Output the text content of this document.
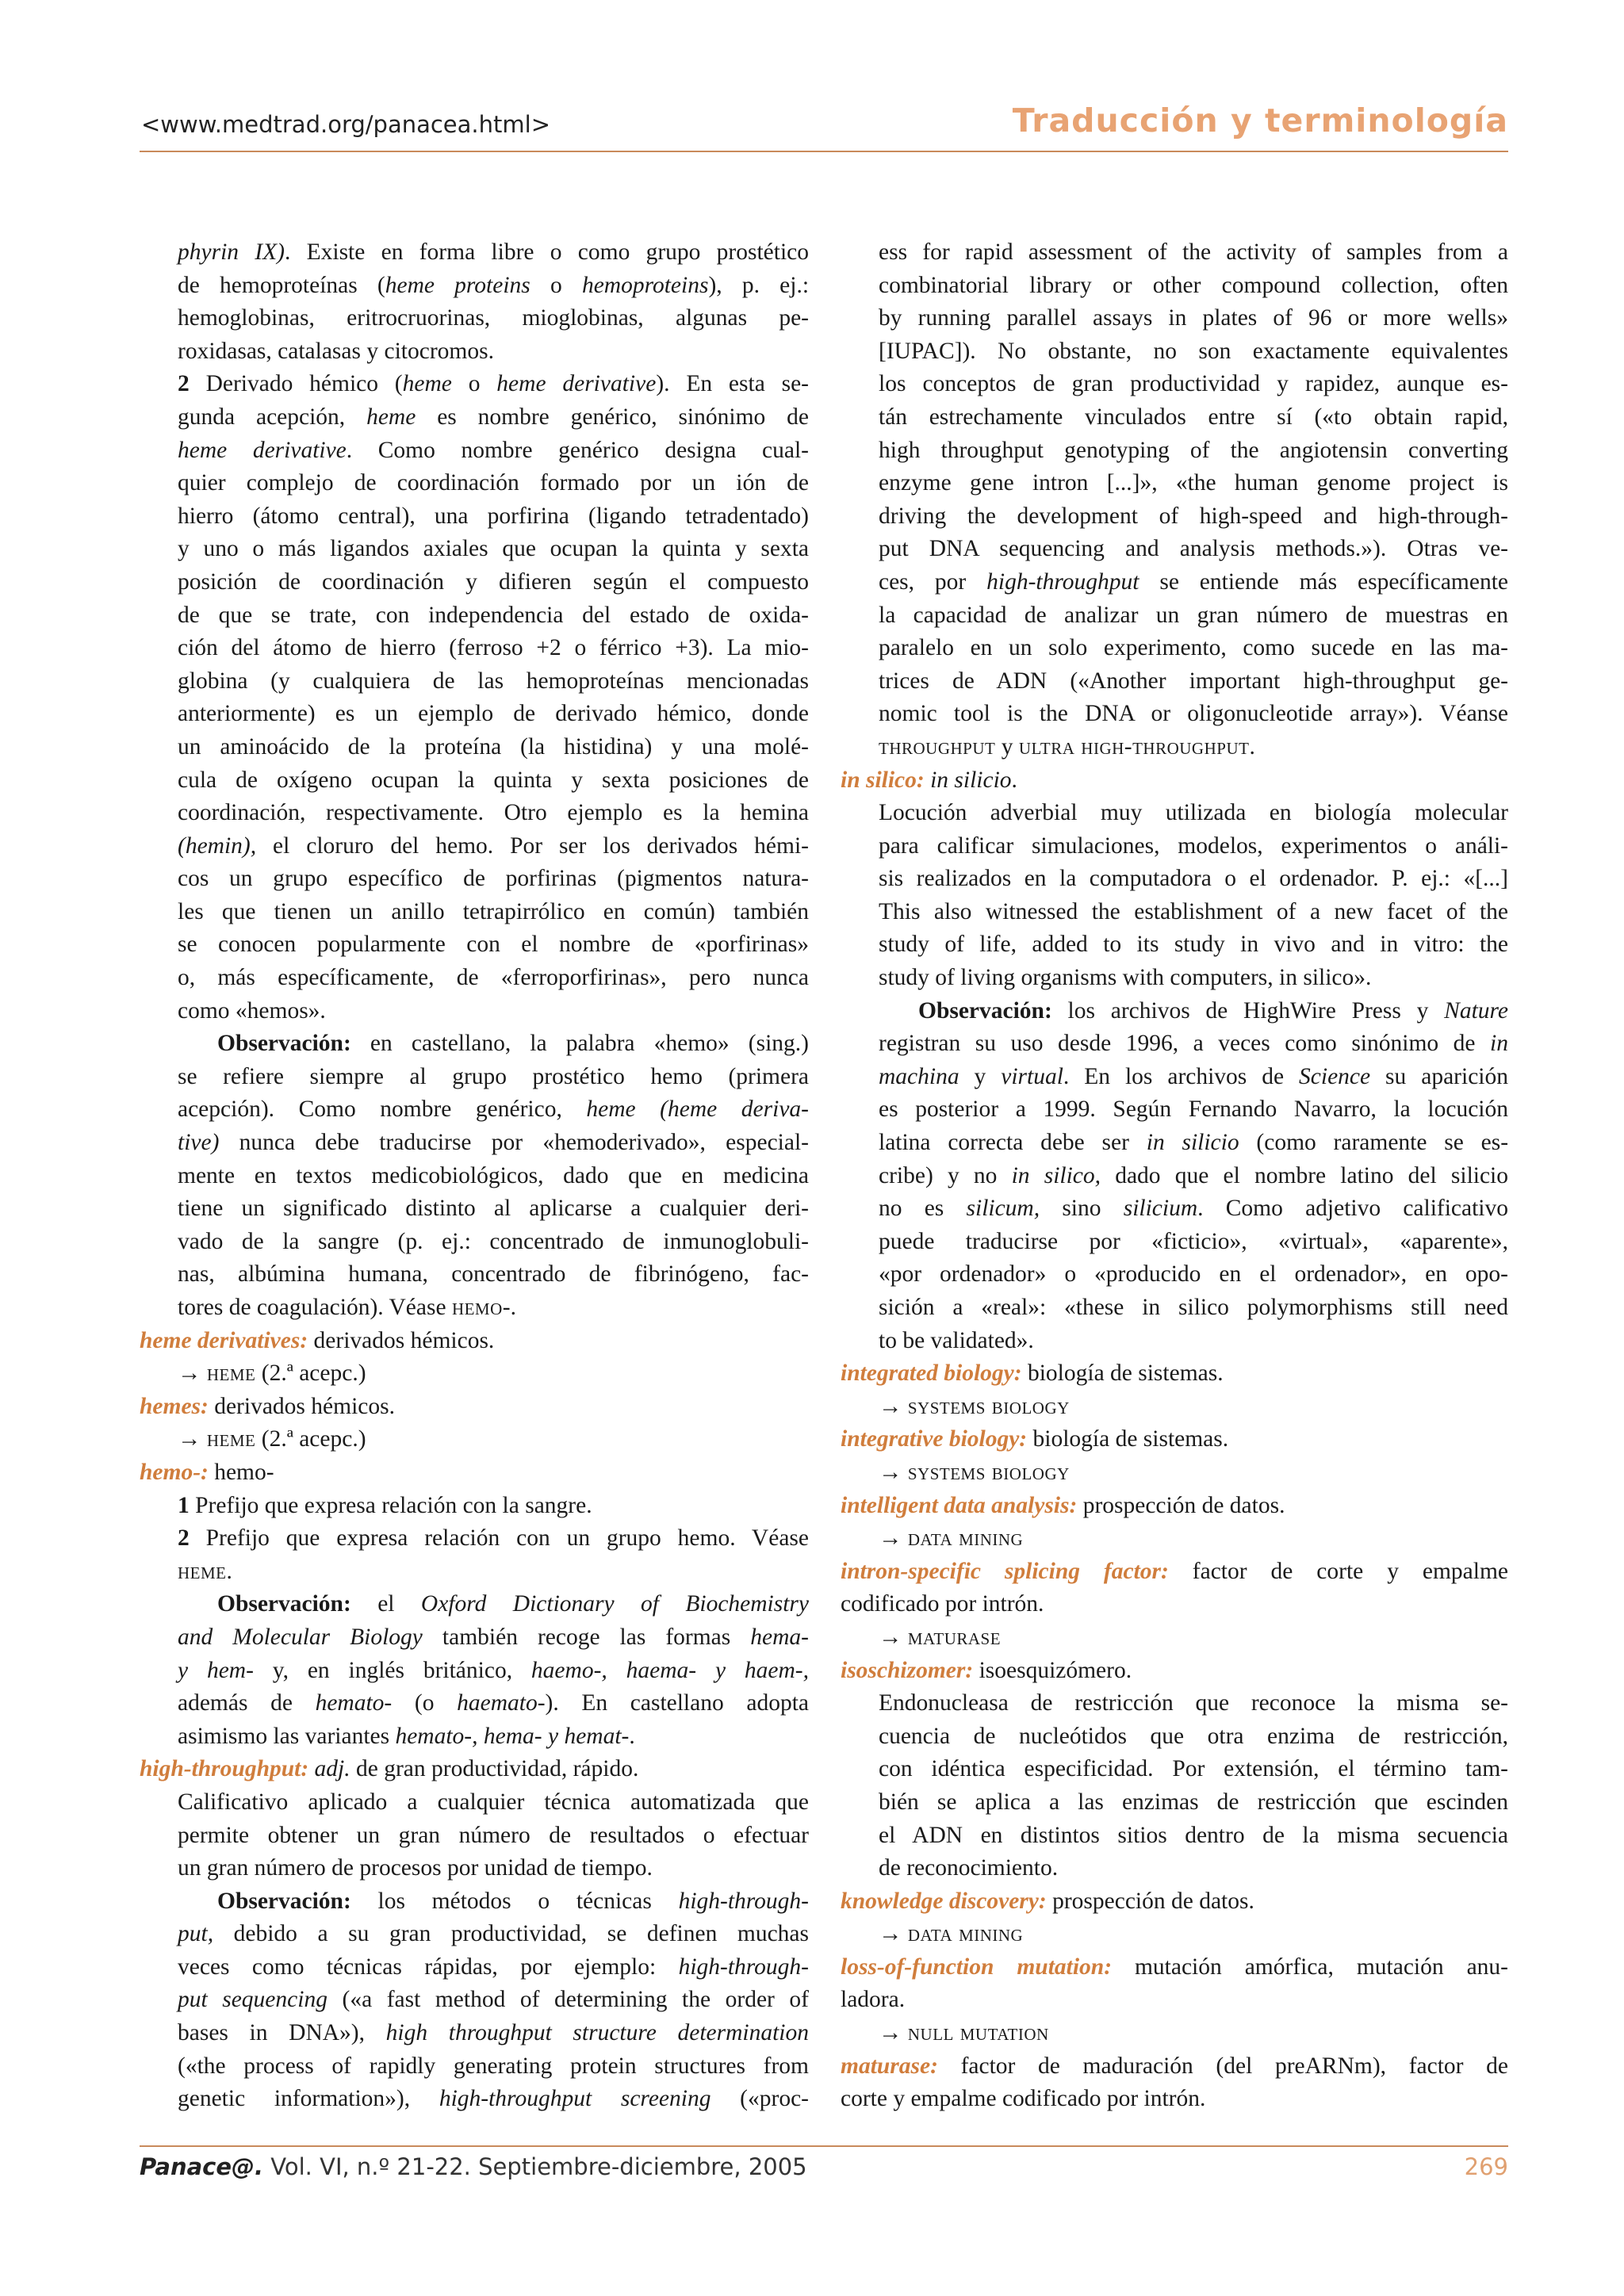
<www.medtrad.org/panacea.html>	Traducción y terminología
phyrin IX). Existe en forma libre o como grupo prostético
de hemoproteínas (heme proteins o hemoproteins), p. ej.:
hemoglobinas, eritrocruorinas, mioglobinas, algunas pe-
roxidasas, catalasas y citocromos.
2 Derivado hémico (heme o heme derivative). En esta se-
gunda acepción, heme es nombre genérico, sinónimo de
heme derivative. Como nombre genérico designa cual-
quier complejo de coordinación formado por un ión de
hierro (átomo central), una porfirina (ligando tetradentado)
y uno o más ligandos axiales que ocupan la quinta y sexta
posición de coordinación y difieren según el compuesto
de que se trate, con independencia del estado de oxida-
ción del átomo de hierro (ferroso +2 o férrico +3). La mio-
globina (y cualquiera de las hemoproteínas mencionadas
anteriormente) es un ejemplo de derivado hémico, donde
un aminoácido de la proteína (la histidina) y una molé-
cula de oxígeno ocupan la quinta y sexta posiciones de
coordinación, respectivamente. Otro ejemplo es la hemina
(hemin), el cloruro del hemo. Por ser los derivados hémi-
cos un grupo específico de porfirinas (pigmentos natura-
les que tienen un anillo tetrapirrólico en común) también
se conocen popularmente con el nombre de «porfirinas»
o, más específicamente, de «ferroporfirinas», pero nunca
como «hemos».
Observación: en castellano, la palabra «hemo» (sing.)
se refiere siempre al grupo prostético hemo (primera
acepción). Como nombre genérico, heme (heme deriva-
tive) nunca debe traducirse por «hemoderivado», especial-
mente en textos medicobiológicos, dado que en medicina
tiene un significado distinto al aplicarse a cualquier deri-
vado de la sangre (p. ej.: concentrado de inmunoglobuli-
nas, albúmina humana, concentrado de fibrinógeno, fac-
tores de coagulación). Véase hemo-.
heme derivatives: derivados hémicos.
→ heme (2.ª acepc.)
hemes: derivados hémicos.
→ heme (2.ª acepc.)
hemo-: hemo-
1 Prefijo que expresa relación con la sangre.
2 Prefijo que expresa relación con un grupo hemo. Véase
heme.
Observación: el Oxford Dictionary of Biochemistry
and Molecular Biology también recoge las formas hema-
y hem- y, en inglés británico, haemo-, haema- y haem-,
además de hemato- (o haemato-). En castellano adopta
asimismo las variantes hemato-, hema- y hemat-.
high-throughput: adj. de gran productividad, rápido.
Calificativo aplicado a cualquier técnica automatizada que
permite obtener un gran número de resultados o efectuar
un gran número de procesos por unidad de tiempo.
Observación: los métodos o técnicas high-through-
put, debido a su gran productividad, se definen muchas
veces como técnicas rápidas, por ejemplo: high-through-
put sequencing («a fast method of determining the order of
bases in DNA»), high throughput structure determination
(«the process of rapidly generating protein structures from
genetic information»), high-throughput screening («proc-
ess for rapid assessment of the activity of samples from a
combinatorial library or other compound collection, often
by running parallel assays in plates of 96 or more wells»
[IUPAC]). No obstante, no son exactamente equivalentes
los conceptos de gran productividad y rapidez, aunque es-
tán estrechamente vinculados entre sí («to obtain rapid,
high throughput genotyping of the angiotensin converting
enzyme gene intron [...]», «the human genome project is
driving the development of high-speed and high-through-
put DNA sequencing and analysis methods.»). Otras ve-
ces, por high-throughput se entiende más específicamente
la capacidad de analizar un gran número de muestras en
paralelo en un solo experimento, como sucede en las ma-
trices de ADN («Another important high-throughput ge-
nomic tool is the DNA or oligonucleotide array»). Véanse
throughput y ultra high-throughput.
in silico: in silicio.
Locución adverbial muy utilizada en biología molecular
para calificar simulaciones, modelos, experimentos o análi-
sis realizados en la computadora o el ordenador. P. ej.: «[...]
This also witnessed the establishment of a new facet of the
study of life, added to its study in vivo and in vitro: the
study of living organisms with computers, in silico».
Observación: los archivos de HighWire Press y Nature
registran su uso desde 1996, a veces como sinónimo de in
machina y virtual. En los archivos de Science su aparición
es posterior a 1999. Según Fernando Navarro, la locución
latina correcta debe ser in silicio (como raramente se es-
cribe) y no in silico, dado que el nombre latino del silicio
no es silicum, sino silicium. Como adjetivo calificativo
puede traducirse por «ficticio», «virtual», «aparente»,
«por ordenador» o «producido en el ordenador», en opo-
sición a «real»: «these in silico polymorphisms still need
to be validated».
integrated biology: biología de sistemas.
→ systems biology
integrative biology: biología de sistemas.
→ systems biology
intelligent data analysis: prospección de datos.
→ data mining
intron-specific splicing factor: factor de corte y empalme
codificado por intrón.
→ maturase
isoschizomer: isoesquizómero.
Endonucleasa de restricción que reconoce la misma se-
cuencia de nucleótidos que otra enzima de restricción,
con idéntica especificidad. Por extensión, el término tam-
bién se aplica a las enzimas de restricción que escinden
el ADN en distintos sitios dentro de la misma secuencia
de reconocimiento.
knowledge discovery: prospección de datos.
→ data mining
loss-of-function mutation: mutación amórfica, mutación anu-
ladora.
→ null mutation
maturase: factor de maduración (del preARNm), factor de
corte y empalme codificado por intrón.
Panace@. Vol. VI, n.º 21-22. Septiembre-diciembre, 2005	269
